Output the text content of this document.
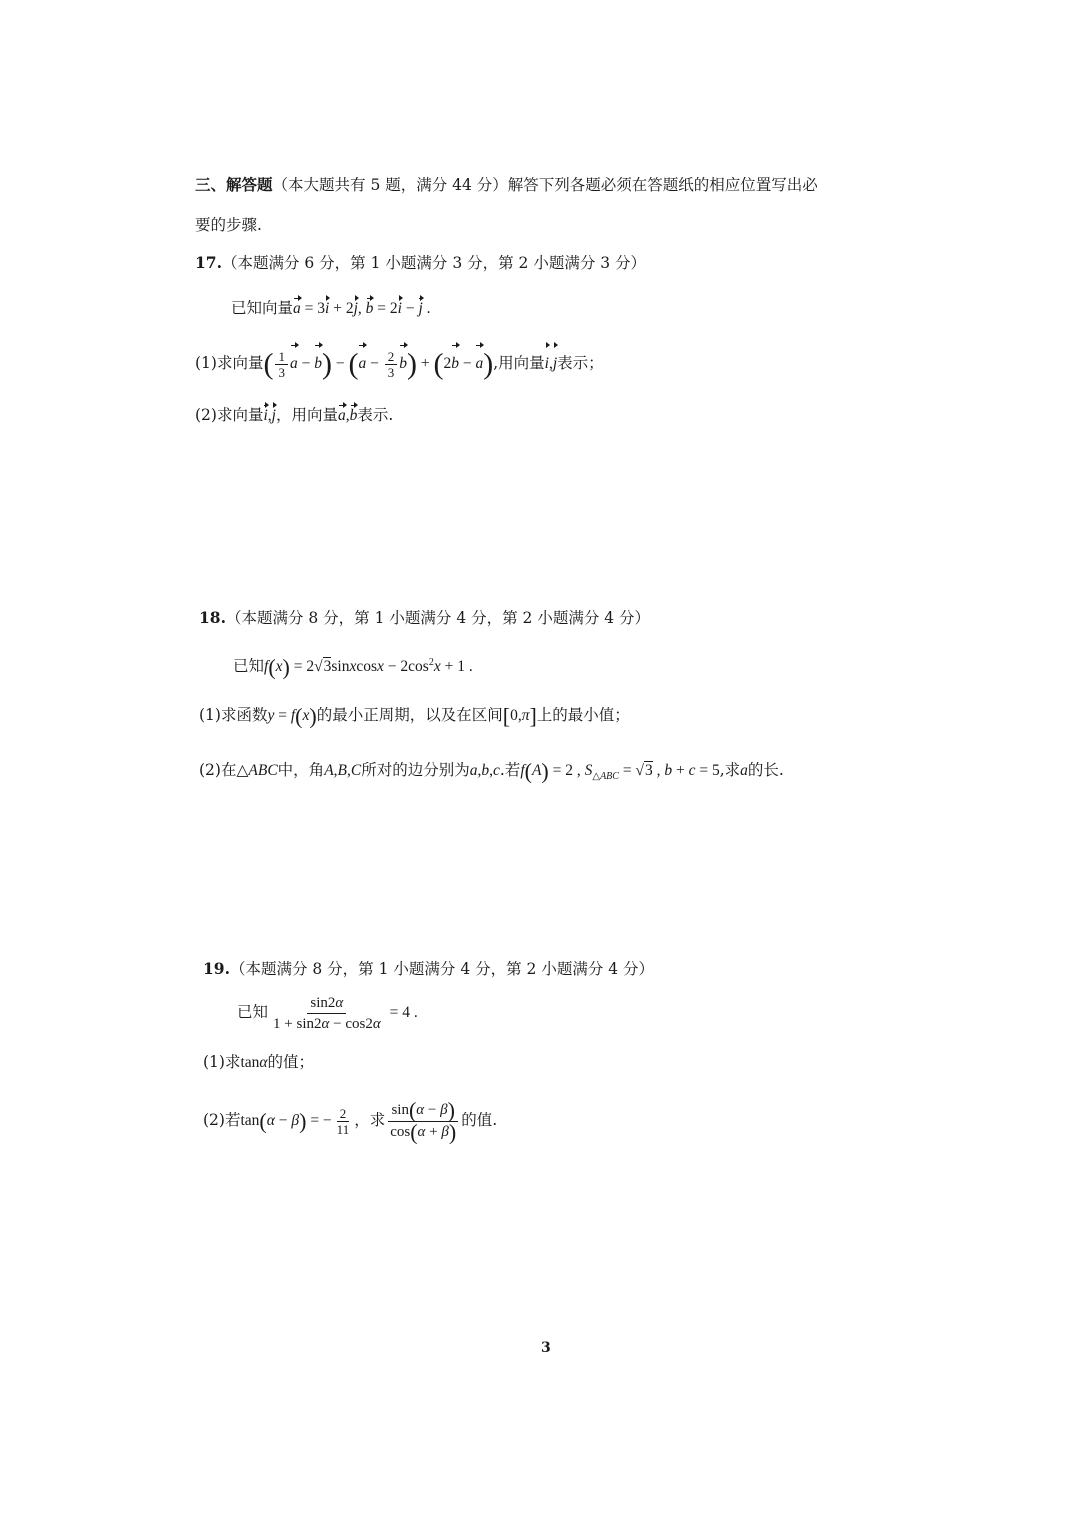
三、解答题（本大题共有 5 题，满分 44 分）解答下列各题必须在答题纸的相应位置写出必
要的步骤.
17.（本题满分 6 分，第 1 小题满分 3 分，第 2 小题满分 3 分）
已知向量a = 3i + 2j, b = 2i − j .
(1)求向量( $\frac{1}{3}$ $a - b) - (a - \frac{2}{3} b) + (2b - a)$,用向量i,j表示；
(2)求向量i,j，用向量a,b表示.
18.（本题满分 8 分，第 1 小题满分 4 分，第 2 小题满分 4 分）
已知f(x) = 2√3sinxcosx − $2\cos^2x + 1$ .
(1)求函数y = f(x)的最小正周期，以及在区间[0,π]上的最小值；
(2)在△ABC中，角A,B,C所对的边分别为a,b,c.若f(A) = 2 , $S_{\triangle ABC} = √3$ , b + c = 5,求a的长.
19.（本题满分 8 分，第 1 小题满分 4 分，第 2 小题满分 4 分）
已知 $\frac{\sin 2\alpha}{1 + \sin 2\alpha - \cos 2\alpha} = 4$ .
(1)求tanα的值；
(2)若tan(α − β) = − $\frac{2}{11}$ ，求 $\frac{\sin(\alpha - \beta)}{\cos(\alpha + \beta)}$ 的值.
3
